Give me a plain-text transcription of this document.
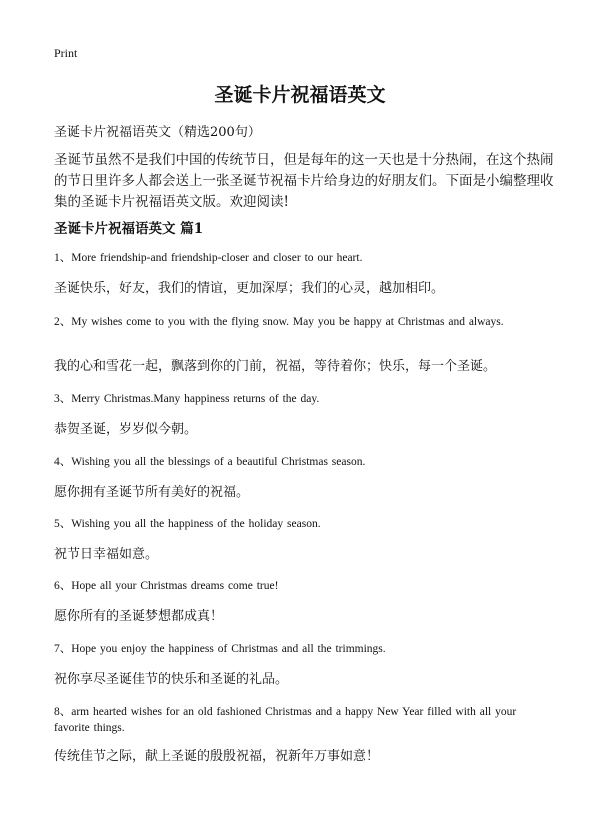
Print
圣诞卡片祝福语英文
圣诞卡片祝福语英文（精选200句）
圣诞节虽然不是我们中国的传统节日，但是每年的这一天也是十分热闹，在这个热闹的节日里许多人都会送上一张圣诞节祝福卡片给身边的好朋友们。下面是小编整理收集的圣诞卡片祝福语英文版。欢迎阅读!
圣诞卡片祝福语英文 篇1
1、More friendship-and friendship-closer and closer to our heart.
圣诞快乐，好友，我们的情谊，更加深厚；我们的心灵，越加相印。
2、My wishes come to you with the flying snow. May you be happy at Christmas and always.
我的心和雪花一起，飘落到你的门前，祝福，等待着你；快乐，每一个圣诞。
3、Merry Christmas.Many happiness returns of the day.
恭贺圣诞，岁岁似今朝。
4、Wishing you all the blessings of a beautiful Christmas season.
愿你拥有圣诞节所有美好的祝福。
5、Wishing you all the happiness of the holiday season.
祝节日幸福如意。
6、Hope all your Christmas dreams come true!
愿你所有的圣诞梦想都成真！
7、Hope you enjoy the happiness of Christmas and all the trimmings.
祝你享尽圣诞佳节的快乐和圣诞的礼品。
8、arm hearted wishes for an old fashioned Christmas and a happy New Year filled with all your favorite things.
传统佳节之际，献上圣诞的殷殷祝福，祝新年万事如意！
